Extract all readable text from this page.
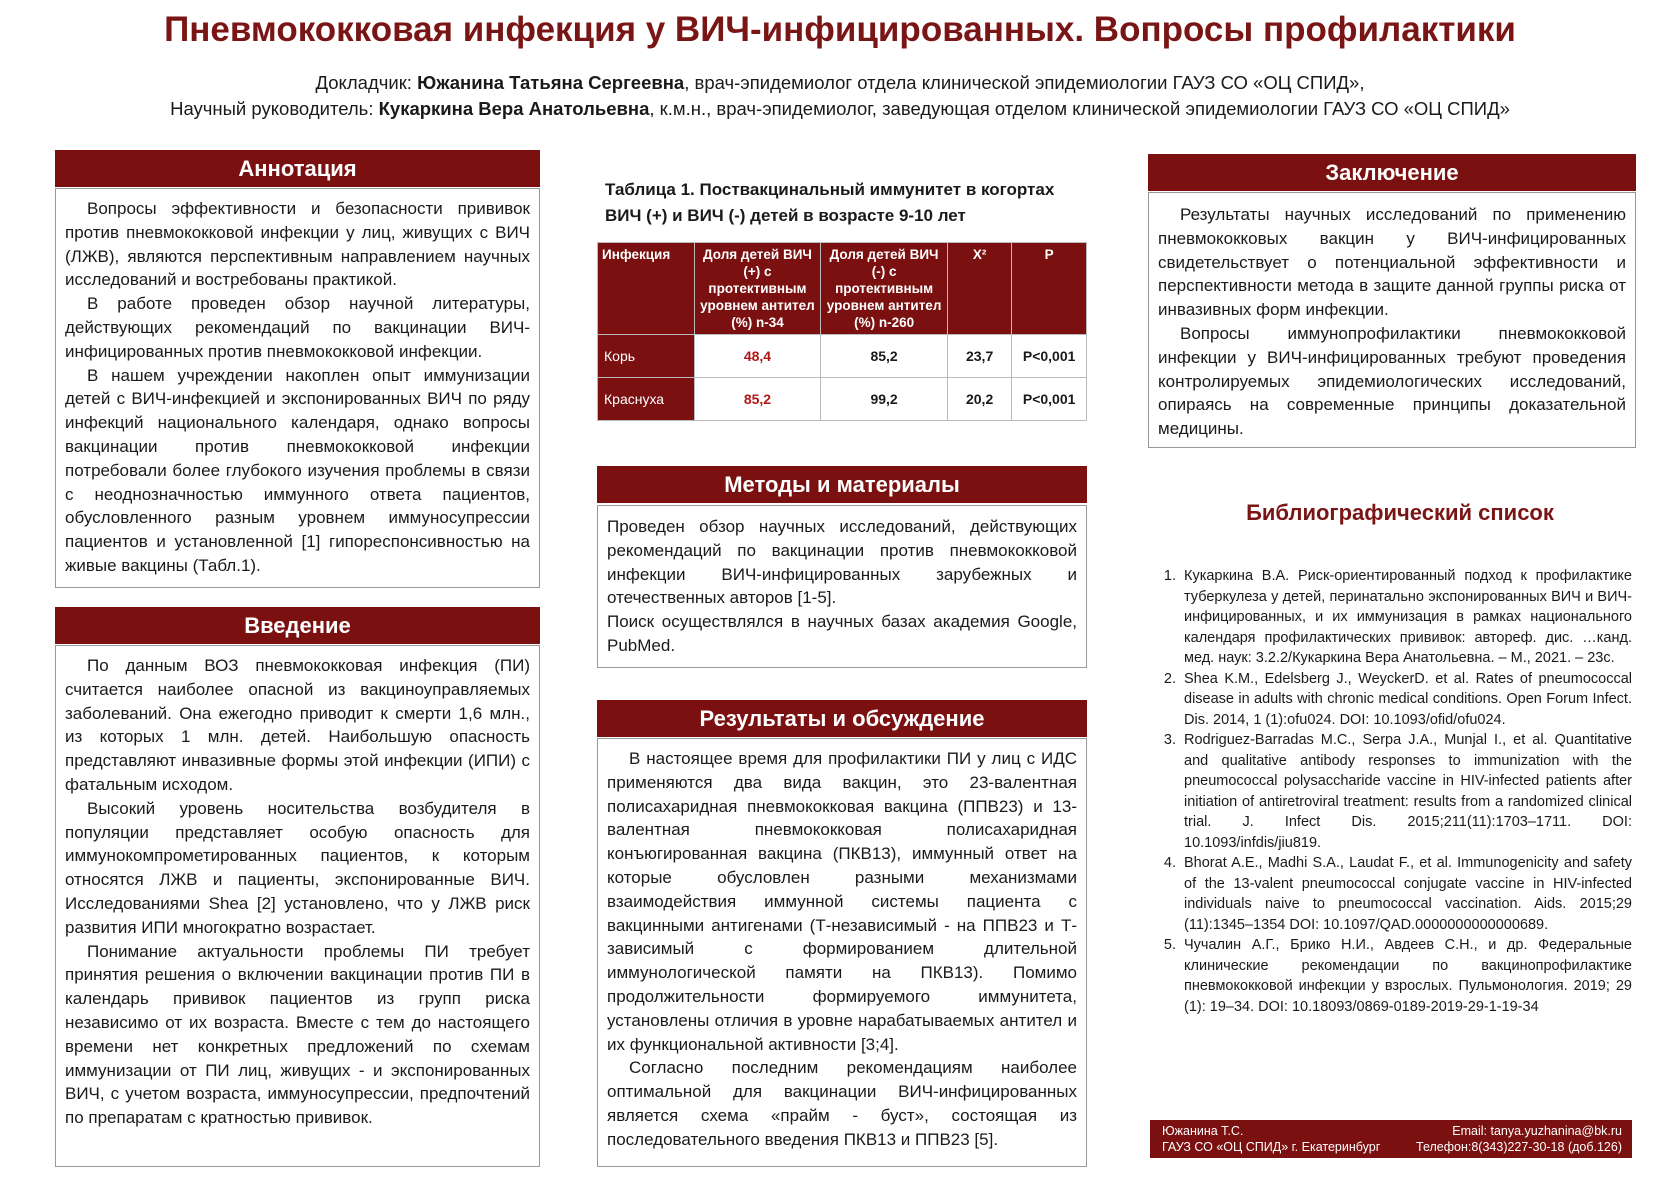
Пневмококковая инфекция у ВИЧ-инфицированных. Вопросы профилактики
Докладчик: Южанина Татьяна Сергеевна, врач-эпидемиолог отдела клинической эпидемиологии ГАУЗ СО «ОЦ СПИД»,
Научный руководитель: Кукаркина Вера Анатольевна, к.м.н., врач-эпидемиолог, заведующая отделом клинической эпидемиологии ГАУЗ СО «ОЦ СПИД»
Аннотация

Вопросы эффективности и безопасности прививок против пневмококковой инфекции у лиц, живущих с ВИЧ (ЛЖВ), являются перспективным направлением научных исследований и востребованы практикой.

В работе проведен обзор научной литературы, действующих рекомендаций по вакцинации ВИЧ-инфицированных против пневмококковой инфекции.

В нашем учреждении накоплен опыт иммунизации детей с ВИЧ-инфекцией и экспонированных ВИЧ по ряду инфекций национального календаря, однако вопросы вакцинации против пневмококковой инфекции потребовали более глубокого изучения проблемы в связи с неоднозначностью иммунного ответа пациентов, обусловленного разным уровнем иммуносупрессии пациентов и установленной [1] гипореспонсивностью на живые вакцины (Табл.1).

Введение

По данным ВОЗ пневмококковая инфекция (ПИ) считается наиболее опасной из вакциноуправляемых заболеваний. Она ежегодно приводит к смерти 1,6 млн., из которых 1 млн. детей. Наибольшую опасность представляют инвазивные формы этой инфекции (ИПИ) с фатальным исходом.

Высокий уровень носительства возбудителя в популяции представляет особую опасность для иммунокомпрометированных пациентов, к которым относятся ЛЖВ и пациенты, экспонированные ВИЧ. Исследованиями Shea [2] установлено, что у ЛЖВ риск развития ИПИ многократно возрастает.

Понимание актуальности проблемы ПИ требует принятия решения о включении вакцинации против ПИ в календарь прививок пациентов из групп риска независимо от их возраста. Вместе с тем до настоящего времени нет конкретных предложений по схемам иммунизации от ПИ лиц, живущих - и экспонированных ВИЧ, с учетом возраста, иммуносупрессии, предпочтений по препаратам с кратностью прививок.

Таблица 1. Поствакцинальный иммунитет в когортах ВИЧ (+) и ВИЧ (-) детей в возрасте 9-10 лет
Инфекция	Доля детей ВИЧ (+) с протективным уровнем антител (%) n-34	Доля детей ВИЧ (-) с протективным уровнем антител (%) n-260	X²	P
Корь	48,4	85,2	23,7	P<0,001
Краснуха	85,2	99,2	20,2	P<0,001
Методы и материалы

Проведен обзор научных исследований, действующих рекомендаций по вакцинации против пневмококковой инфекции ВИЧ-инфицированных зарубежных и отечественных авторов [1-5].

Поиск осуществлялся в научных базах академия Google, PubMed.

Результаты и обсуждение

В настоящее время для профилактики ПИ у лиц с ИДС применяются два вида вакцин, это 23-валентная полисахаридная пневмококковая вакцина (ППВ23) и 13-валентная пневмококковая полисахаридная конъюгированная вакцина (ПКВ13), иммунный ответ на которые обусловлен разными механизмами взаимодействия иммунной системы пациента с вакцинными антигенами (Т-независимый - на ППВ23 и Т-зависимый с формированием длительной иммунологической памяти на ПКВ13). Помимо продолжительности формируемого иммунитета, установлены отличия в уровне нарабатываемых антител и их функциональной активности [3;4].

Согласно последним рекомендациям наиболее оптимальной для вакцинации ВИЧ-инфицированных является схема «прайм - буст», состоящая из последовательного введения ПКВ13 и ППВ23 [5].

Заключение

Результаты научных исследований по применению пневмококковых вакцин у ВИЧ-инфицированных свидетельствует о потенциальной эффективности и перспективности метода в защите данной группы риска от инвазивных форм инфекции.

Вопросы иммунопрофилактики пневмококковой инфекции у ВИЧ-инфицированных требуют проведения контролируемых эпидемиологических исследований, опираясь на современные принципы доказательной медицины.

Библиографический список
1. Кукаркина В.А. Риск-ориентированный подход к профилактике туберкулеза у детей, перинатально экспонированных ВИЧ и ВИЧ-инфицированных, и их иммунизация в рамках национального календаря профилактических прививок: автореф. дис. …канд. мед. наук: 3.2.2/Кукаркина Вера Анатольевна. – М., 2021. – 23с.
2. Shea K.M., Edelsberg J., WeyckerD. et al. Rates of pneumococcal disease in adults with chronic medical conditions. Open Forum Infect. Dis. 2014, 1 (1):ofu024. DOI: 10.1093/ofid/ofu024.
3. Rodriguez-Barradas M.C., Serpa J.A., Munjal I., et al. Quantitative and qualitative antibody responses to immunization with the pneumococcal polysaccharide vaccine in HIV-infected patients after initiation of antiretroviral treatment: results from a randomized clinical trial. J. Infect Dis. 2015;211(11):1703–1711. DOI: 10.1093/infdis/jiu819.
4. Bhorat A.E., Madhi S.A., Laudat F., et al. Immunogenicity and safety of the 13-valent pneumococcal conjugate vaccine in HIV-infected individuals naive to pneumococcal vaccination. Aids. 2015;29 (11):1345–1354 DOI: 10.1097/QAD.0000000000000689.
5. Чучалин А.Г., Брико Н.И., Авдеев С.Н., и др. Федеральные клинические рекомендации по вакцинопрофилактике пневмококковой инфекции у взрослых. Пульмонология. 2019; 29 (1): 19–34. DOI: 10.18093/0869-0189-2019-29-1-19-34
Южанина Т.С.
ГАУЗ СО «ОЦ СПИД» г. Екатеринбург
Email: tanya.yuzhanina@bk.ru
Телефон:8(343)227-30-18 (доб.126)
